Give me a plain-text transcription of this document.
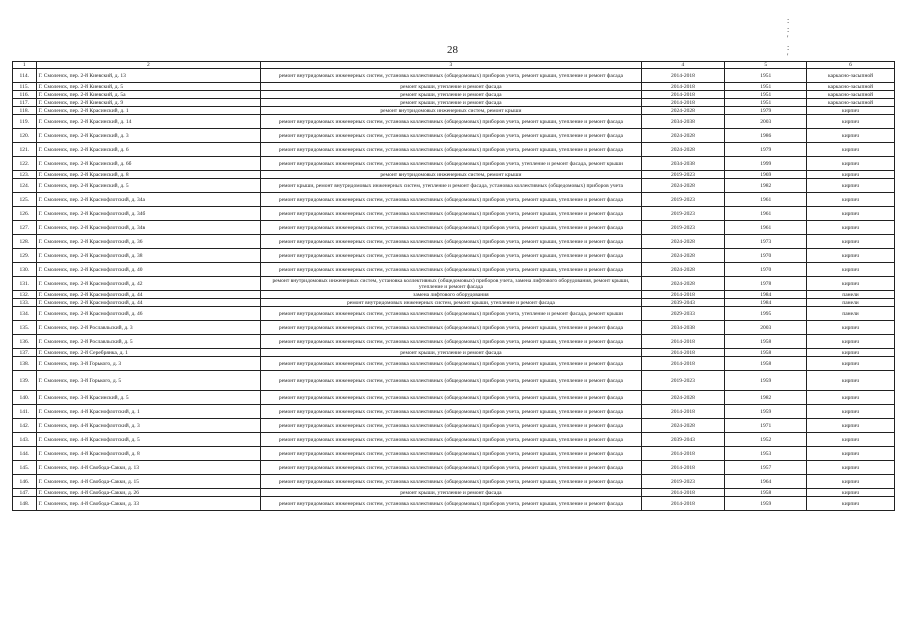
28
:
:
'
:
'
1	2	3	4	5	6
114.	Г. Смоленск, пер. 2-й Киевский, д. 13	ремонт внутридомовых инженерных систем, установка коллективных (общедомовых) приборов учета, ремонт крыши, утепление и ремонт фасада	2014-2018	1951	каркасно-засыпной
115.	Г. Смоленск, пер. 2-й Киевский, д. 5	ремонт крыши, утепление и ремонт фасада	2014-2018	1951	каркасно-засыпной
116.	Г. Смоленск, пер. 2-й Киевский, д. 5а	ремонт крыши, утепление и ремонт фасада	2014-2018	1951	каркасно-засыпной
117.	Г. Смоленск, пер. 2-й Киевский, д. 9	ремонт крыши, утепление и ремонт фасада	2014-2018	1951	каркасно-засыпной
118.	Г. Смоленск, пер. 2-й Красинский, д. 1	ремонт внутридомовых инженерных систем, ремонт крыши	2024-2028	1979	кирпич
119.	Г. Смоленск, пер. 2-й Красинский, д. 14	ремонт внутридомовых инженерных систем, установка коллективных (общедомовых) приборов учета, ремонт крыши, утепление и ремонт фасада	2034-2038	2003	кирпич
120.	Г. Смоленск, пер. 2-й Красинский, д. 3	ремонт внутридомовых инженерных систем, установка коллективных (общедомовых) приборов учета, ремонт крыши, утепление и ремонт фасада	2024-2028	1986	кирпич
121.	Г. Смоленск, пер. 2-й Красинский, д. 6	ремонт внутридомовых инженерных систем, установка коллективных (общедомовых) приборов учета, ремонт крыши, утепление и ремонт фасада	2024-2028	1979	кирпич
122.	Г. Смоленск, пер. 2-й Красинский, д. 6б	ремонт внутридомовых инженерных систем, установка коллективных (общедомовых) приборов учета, утепление и ремонт фасада, ремонт крыши	2034-2038	1999	кирпич
123.	Г. Смоленск, пер. 2-й Красинский, д. 8	ремонт внутридомовых инженерных систем, ремонт крыши	2019-2023	1969	кирпич
124.	Г. Смоленск, пер. 2-й Красинский, д. 5	ремонт крыши, ремонт внутридомовых инженерных систем, утепление и ремонт фасада, установка коллективных (общедомовых) приборов учета	2024-2028	1982	кирпич
125.	Г. Смоленск, пер. 2-й Краснофлотский, д. 34а	ремонт внутридомовых инженерных систем, установка коллективных (общедомовых) приборов учета, ремонт крыши, утепление и ремонт фасада	2019-2023	1961	кирпич
126.	Г. Смоленск, пер. 2-й Краснофлотский, д. 34б	ремонт внутридомовых инженерных систем, установка коллективных (общедомовых) приборов учета, ремонт крыши, утепление и ремонт фасада	2019-2023	1961	кирпич
127.	Г. Смоленск, пер. 2-й Краснофлотский, д. 34в	ремонт внутридомовых инженерных систем, установка коллективных (общедомовых) приборов учета, ремонт крыши, утепление и ремонт фасада	2019-2023	1961	кирпич
128.	Г. Смоленск, пер. 2-й Краснофлотский, д. 36	ремонт внутридомовых инженерных систем, установка коллективных (общедомовых) приборов учета, ремонт крыши, утепление и ремонт фасада	2024-2028	1973	кирпич
129.	Г. Смоленск, пер. 2-й Краснофлотский, д. 38	ремонт внутридомовых инженерных систем, установка коллективных (общедомовых) приборов учета, ремонт крыши, утепление и ремонт фасада	2024-2028	1970	кирпич
130.	Г. Смоленск, пер. 2-й Краснофлотский, д. 40	ремонт внутридомовых инженерных систем, установка коллективных (общедомовых) приборов учета, ремонт крыши, утепление и ремонт фасада	2024-2028	1970	кирпич
131.	Г. Смоленск, пер. 2-й Краснофлотский, д. 42	ремонт внутридомовых инженерных систем, установка коллективных (общедомовых) приборов учета, замена лифтового оборудования, ремонт крыши, утепление и ремонт фасада	2024-2028	1978	кирпич
132.	Г. Смоленск, пер. 2-й Краснофлотский, д. 44	замена лифтового оборудования	2014-2018	1984	панели
133.	Г. Смоленск, пер. 2-й Краснофлотский, д. 44	ремонт внутридомовых инженерных систем, ремонт крыши, утепление и ремонт фасада	2039-2043	1984	панели
134.	Г. Смоленск, пер. 2-й Краснофлотский, д. 46	ремонт внутридомовых инженерных систем, установка коллективных (общедомовых) приборов учета, утепление и ремонт фасада, ремонт крыши	2029-2033	1995	панели
135.	Г. Смоленск, пер. 2-й Рославльский, д. 3	ремонт внутридомовых инженерных систем, установка коллективных (общедомовых) приборов учета, ремонт крыши, утепление и ремонт фасада	2034-2038	2003	кирпич
136.	Г. Смоленск, пер. 2-й Рославльский, д. 5	ремонт внутридомовых инженерных систем, установка коллективных (общедомовых) приборов учета, ремонт крыши, утепление и ремонт фасада	2014-2018	1958	кирпич
137.	Г. Смоленск, пер. 2-й Серебрянка, д. 1	ремонт крыши, утепление и ремонт фасада	2014-2018	1958	кирпич
138.	Г. Смоленск, пер. 3-й Горького, д. 3	ремонт внутридомовых инженерных систем, установка коллективных (общедомовых) приборов учета, ремонт крыши, утепление и ремонт фасада	2014-2018	1958	кирпич
139.	Г. Смоленск, пер. 3-й Горького, д. 5	ремонт внутридомовых инженерных систем, установка коллективных (общедомовых) приборов учета, ремонт крыши, утепление и ремонт фасада	2019-2023	1959	кирпич
140.	Г. Смоленск, пер. 3-й Красинский, д. 5	ремонт внутридомовых инженерных систем, установка коллективных (общедомовых) приборов учета, ремонт крыши, утепление и ремонт фасада	2024-2028	1982	кирпич
141.	Г. Смоленск, пер. 4-й Краснофлотский, д. 1	ремонт внутридомовых инженерных систем, установка коллективных (общедомовых) приборов учета, ремонт крыши, утепление и ремонт фасада	2014-2018	1959	кирпич
142.	Г. Смоленск, пер. 4-й Краснофлотский, д. 3	ремонт внутридомовых инженерных систем, установка коллективных (общедомовых) приборов учета, ремонт крыши, утепление и ремонт фасада	2024-2028	1971	кирпич
143.	Г. Смоленск, пер. 4-й Краснофлотский, д. 5	ремонт внутридомовых инженерных систем, установка коллективных (общедомовых) приборов учета, ремонт крыши, утепление и ремонт фасада	2039-2043	1952	кирпич
144.	Г. Смоленск, пер. 4-й Краснофлотский, д. 8	ремонт внутридомовых инженерных систем, установка коллективных (общедомовых) приборов учета, ремонт крыши, утепление и ремонт фасада	2014-2018	1953	кирпич
145.	Г. Смоленск, пер. 4-й Свобода-Сакки, д. 13	ремонт внутридомовых инженерных систем, установка коллективных (общедомовых) приборов учета, ремонт крыши, утепление и ремонт фасада	2014-2018	1957	кирпич
146.	Г. Смоленск, пер. 4-й Свобода-Сакки, д. 15	ремонт внутридомовых инженерных систем, установка коллективных (общедомовых) приборов учета, ремонт крыши, утепление и ремонт фасада	2019-2023	1964	кирпич
147.	Г. Смоленск, пер. 4-й Свобода-Сакки, д. 26	ремонт крыши, утепление и ремонт фасада	2014-2018	1958	кирпич
148.	Г. Смоленск, пер. 4-й Свобода-Сакки, д. 33	ремонт внутридомовых инженерных систем, установка коллективных (общедомовых) приборов учета, ремонт крыши, утепление и ремонт фасада	2014-2018	1959	кирпич
